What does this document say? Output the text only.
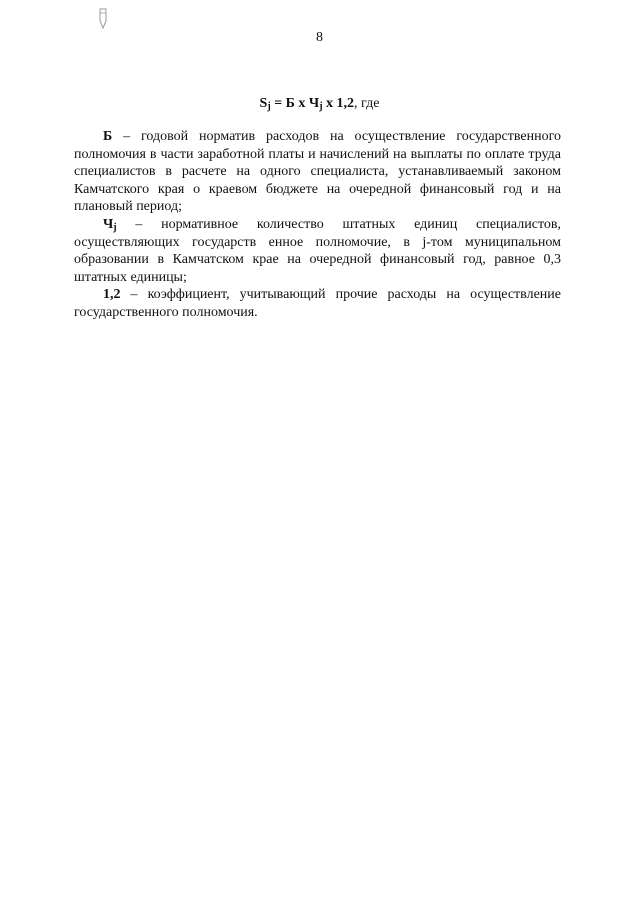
8
$S_j = Б$ x $Ч_j$ x 1,2, где

Б – годовой норматив расходов на осуществление государственного полномочия в части заработной платы и начислений на выплаты по оплате труда специалистов в расчете на одного специалиста, устанавливаемый законом Камчатского края о краевом бюджете на очередной финансовый год и на плановый период;

$Ч_j$ – нормативное количество штатных единиц специалистов, осуществляющих государств енное полномочие, в j-том муниципальном образовании в Камчатском крае на очередной финансовый год, равное 0,3 штатных единицы;

1,2 – коэффициент, учитывающий прочие расходы на осуществление государственного полномочия.
